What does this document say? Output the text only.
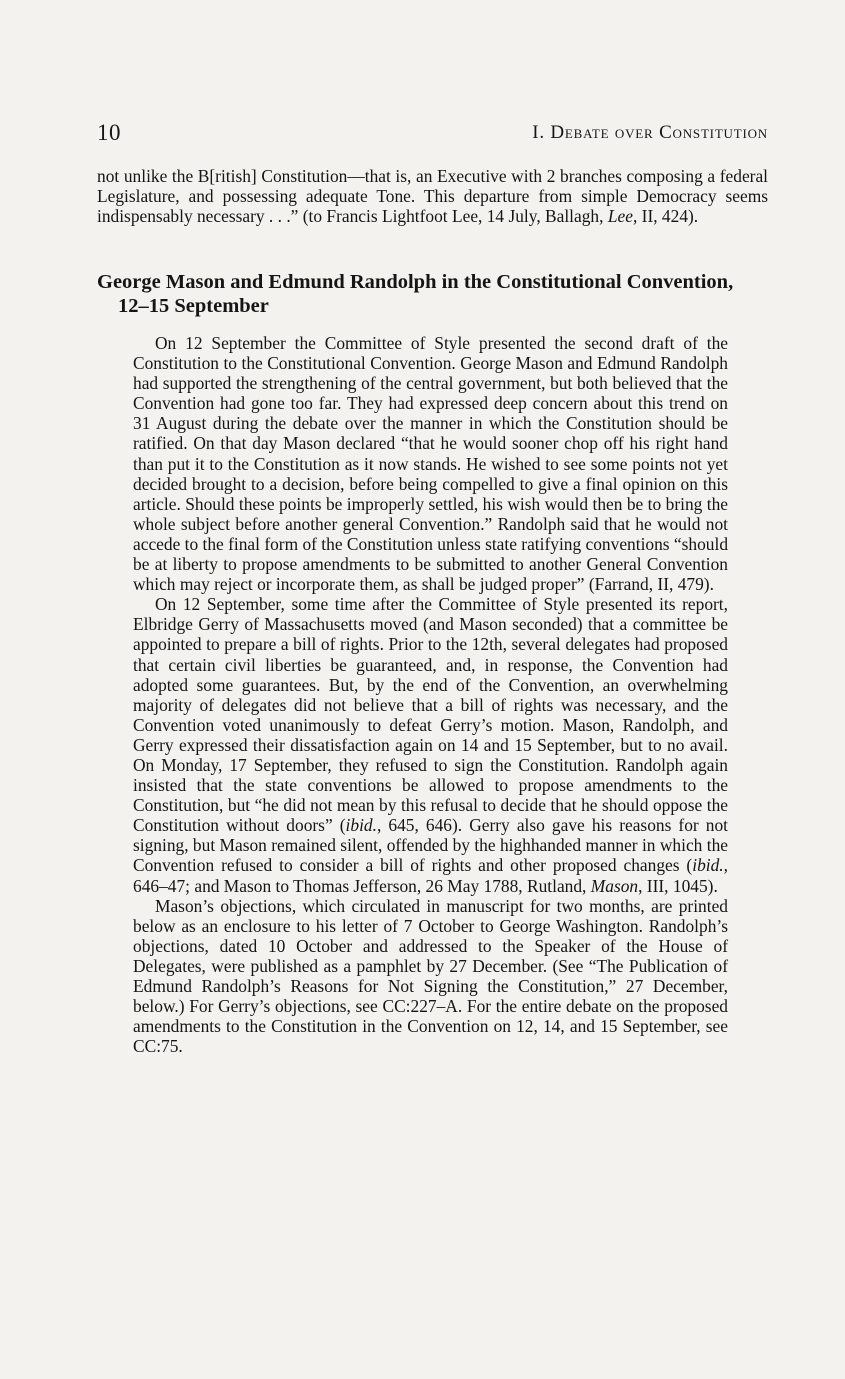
10	I. Debate over Constitution
not unlike the B[ritish] Constitution—that is, an Executive with 2 branches composing a federal Legislature, and possessing adequate Tone. This departure from simple Democracy seems indispensably necessary . . .” (to Francis Lightfoot Lee, 14 July, Ballagh, Lee, II, 424).
George Mason and Edmund Randolph in the Constitutional Convention, 12–15 September

On 12 September the Committee of Style presented the second draft of the Constitution to the Constitutional Convention. George Mason and Edmund Randolph had supported the strengthening of the central government, but both believed that the Convention had gone too far. They had expressed deep concern about this trend on 31 August during the debate over the manner in which the Constitution should be ratified. On that day Mason declared “that he would sooner chop off his right hand than put it to the Constitution as it now stands. He wished to see some points not yet decided brought to a decision, before being compelled to give a final opinion on this article. Should these points be improperly settled, his wish would then be to bring the whole subject before another general Convention.” Randolph said that he would not accede to the final form of the Constitution unless state ratifying conventions “should be at liberty to propose amendments to be submitted to another General Convention which may reject or incorporate them, as shall be judged proper” (Farrand, II, 479).

On 12 September, some time after the Committee of Style presented its report, Elbridge Gerry of Massachusetts moved (and Mason seconded) that a committee be appointed to prepare a bill of rights. Prior to the 12th, several delegates had proposed that certain civil liberties be guaranteed, and, in response, the Convention had adopted some guarantees. But, by the end of the Convention, an overwhelming majority of delegates did not believe that a bill of rights was necessary, and the Convention voted unanimously to defeat Gerry’s motion. Mason, Randolph, and Gerry expressed their dissatisfaction again on 14 and 15 September, but to no avail. On Monday, 17 September, they refused to sign the Constitution. Randolph again insisted that the state conventions be allowed to propose amendments to the Constitution, but “he did not mean by this refusal to decide that he should oppose the Constitution without doors” (ibid., 645, 646). Gerry also gave his reasons for not signing, but Mason remained silent, offended by the highhanded manner in which the Convention refused to consider a bill of rights and other proposed changes (ibid., 646–47; and Mason to Thomas Jefferson, 26 May 1788, Rutland, Mason, III, 1045).

Mason’s objections, which circulated in manuscript for two months, are printed below as an enclosure to his letter of 7 October to George Washington. Randolph’s objections, dated 10 October and addressed to the Speaker of the House of Delegates, were published as a pamphlet by 27 December. (See “The Publication of Edmund Randolph’s Reasons for Not Signing the Constitution,” 27 December, below.) For Gerry’s objections, see CC:227–A. For the entire debate on the proposed amendments to the Constitution in the Convention on 12, 14, and 15 September, see CC:75.
